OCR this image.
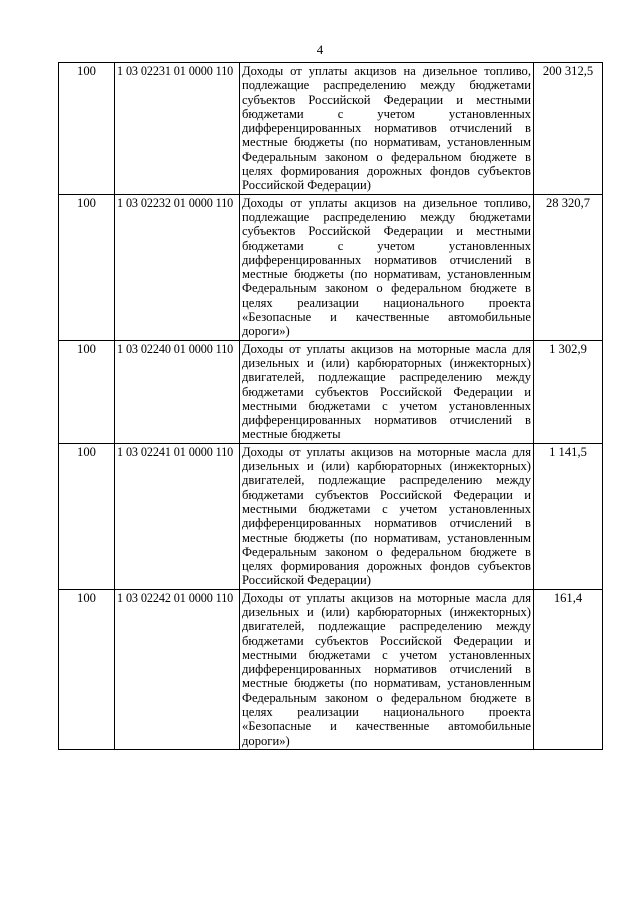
4
100	1 03 02231 01 0000 110	Доходы от уплаты акцизов на дизельное топливо, подлежащие распределению между бюджетами субъектов Российской Федерации и местными бюджетами с учетом установленных дифференцированных нормативов отчислений в местные бюджеты (по нормативам, установленным Федеральным законом о федеральном бюджете в целях формирования дорожных фондов субъектов Российской Федерации)	200 312,5
100	1 03 02232 01 0000 110	Доходы от уплаты акцизов на дизельное топливо, подлежащие распределению между бюджетами субъектов Российской Федерации и местными бюджетами с учетом установленных дифференцированных нормативов отчислений в местные бюджеты (по нормативам, установленным Федеральным законом о федеральном бюджете в целях реализации национального проекта «Безопасные и качественные автомобильные дороги»)	28 320,7
100	1 03 02240 01 0000 110	Доходы от уплаты акцизов на моторные масла для дизельных и (или) карбюраторных (инжекторных) двигателей, подлежащие распределению между бюджетами субъектов Российской Федерации и местными бюджетами с учетом установленных дифференцированных нормативов отчислений в местные бюджеты	1 302,9
100	1 03 02241 01 0000 110	Доходы от уплаты акцизов на моторные масла для дизельных и (или) карбюраторных (инжекторных) двигателей, подлежащие распределению между бюджетами субъектов Российской Федерации и местными бюджетами с учетом установленных дифференцированных нормативов отчислений в местные бюджеты (по нормативам, установленным Федеральным законом о федеральном бюджете в целях формирования дорожных фондов субъектов Российской Федерации)	1 141,5
100	1 03 02242 01 0000 110	Доходы от уплаты акцизов на моторные масла для дизельных и (или) карбюраторных (инжекторных) двигателей, подлежащие распределению между бюджетами субъектов Российской Федерации и местными бюджетами с учетом установленных дифференцированных нормативов отчислений в местные бюджеты (по нормативам, установленным Федеральным законом о федеральном бюджете в целях реализации национального проекта «Безопасные и качественные автомобильные дороги»)	161,4
